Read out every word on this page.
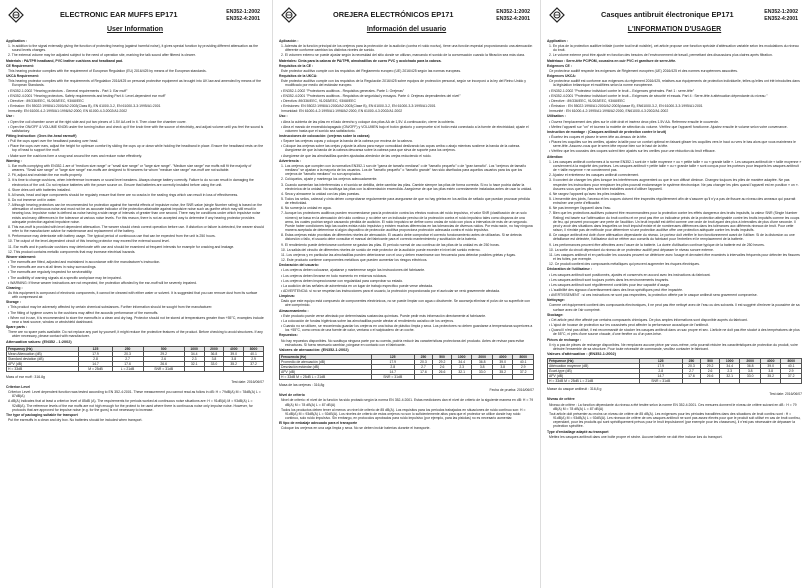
ELECTRONIC EAR MUFFS EP171	EN352-1:2002
EN352-4:2001
User Information

Application :

1. In addition to the signal externally giving the function of protecting hearing (against harmful noise), it gives special function by providing different attenuation as the sound levels changes.

2. The external volume may be adjusted subject to the need of operation site, marking the talk sound after filtered is clearer.

Materials : PA/TPR headband, PVC leather cushions and headband pad.

CE Requirement:

This hearing protector complies with the requirement of European Regulation (EU) 2016/425 by means of the European standards.

UKCA Requirement:

This hearing protector complies with the requirements of Regulation 2016/425 on personal protective equipment as brought into UK law and amended by means of the European Standards.

• EN352-1:2002 "Hearing protectors - General requirements - Part 1: Ear muff"

• EN352-4:2001 "Hearing protectors- Safety requirements and testing Part 4: Level-dependent ear muff"

• Directive : 89/336/EEC, 91/263/EEC, 93/68/EEC

• Emission: EN 55022:1998/A1:2000/A2:2003(Class B), EN 61000-3-2, EN 61000-3-3:1995/A1:2001

Immunity: EN 61000-4-2:1995/A1:1998/A2:2000, EN 61000-4-3:2002/A1:2002

Use :

• Open the coil chamber cover at the right side and put two pieces of 1.5V AA cell in it. Then close the chamber cover.

• Open the ON/OFF & VOLUME KNOB under the turning button and check up if the knob time with the source of electricity, and adjust volume until you feel the sound is satisfactory.

Fitting Instruction: (Over-the-head earmuff)

• Pull the cups apart over the headband passing over head.

• Place the cups over ears, adjust the height for optimum comfort by sliding the cups up or down while holding the headband in place. Ensure the headband rests on the top of head to support the muff.

• Make sure the cushions form a snug seal around the ears and reduce noise effectively.

Warning :

1. Ear muffs complying with EN352-1 are of "medium size range" or "small size range" or "large size range". "Medium size range" ear muffs will fit the majority of wearers. "Small size range" or "large size range" ear-muffs are designed to fit wearers for whom "medium size range" ear-muff are not suitable.

2. Fit, adjust and maintain the ear muffs properly.

3. It is time to change cushions, when interference increases or sound level weakens. Always change battery correctly. Failure to do so can result in damaging the electronics of the unit. Do not replace batteries with the power source on. Ensure that batteries are correctly installed before using the unit.

4. Store dries unit with batteries installed.

5. All seals, head and tape components should be regularly ensure that there are no cracks in the sealing rings which can result in loss of effectiveness.

6. Do not immerse unit in water.

7. Although hearing protectors can be recommended for protection against the harmful effects of impulsive noise, the SNR-value (single Number rating) is based on the attenuation of continuous noise and must not be as accurate indicator of the protection attainable against impulsive noise such as gunfire which may still result in hearing loss. Impulsive noise is defined as noise having a wide range of intervals of greater than one second. There may be conditions under which impulsive noise exists and many differences in the tolerance at various noise levels. For this reason, there is not an accepted way to determine if any hearing protector provides adequate protection against impulsive noise.

8. This ear-muff is provided with level dependent attenuation. The wearer should check correct operation before use. If distortion or failure is detected, the wearer should refer to the manufacturer advice for maintenance and replacement of the battery.

9. Performance may deteriorate with battery usage. The typical period of continuous use that can be expected from the unit is 250 hours.

10. The output of the level-dependent circuit of this hearing protector may exceed the external sound level.

11. Ear muffs and in particular cushions may deteriorate with use and should be examined at frequent intervals for example for cracking and leakage.

12. This product contains metallic components that may increase electrical hazards.

Wearer statement:

• The earmuffs are fitted, adjusted and maintained in accordance with the manufacturer's instruction.

• The earmuffs are worn at all times in noisy surroundings.

• The earmuffs are regularly inspected for serviceability.

• The audibility of warning signals at a specific workplace may be impaired.

• WARNING: If these wearer instructions are not respected, the protection afforded by the ear-muff will be severely impaired.

Cleaning :

As this equipment is composed of electronic components, it cannot be cleaned with either water or solvent. It is suggested that you can remove dust from its surface with compressed air.

Storage :

• This product may be adversely affected by certain chemical substances. Further information should be sought from the manufacturer.

• The fitting of hygiene covers to the cushions may affect the acoustic performance of the earmuffs.

• When not in use, it is recommended to store the earmuffs in a clean and dry bag. Protector should not be stored at temperatures greater than +55°C, examples include near a heat source, window or windshield dashboard.

Spare parts :

There are no spare parts available. Do not replace any part by yourself, it might reduce the protective features of the product. Before checking to avoid structures. If any wider necessary, please contact with manufacturer.

Attenuation values: (EN352 - 1:2002)

Frequency (Hz)	125	250	500	1000	2000	4000	8000
Mean Attenuation (dB)	17.9	20.3	29.2	34.4	36.8	39.0	40.1
Standard deviation (dB)	2.8	2.7	2.6	2.3	3.8	3.8	2.9
APV (dB)	14.7	17.6	26.6	32.1	33.0	35.2	37.2
H = 33dB	M = 25dB	L = 21dB	SNR = 31dB				

Mass of ear muff : 316.8g

Test date: 2016/06/07

Criterion Level

Criterion Level: Level dependent function was tested according to EN 352-4:2001. These measurement you cannot read as follow in dB: H = 79dB(A) M = 78dB(A) L = 87dB(A)

A dB(A) indicates that at least a criterion level of 85dB (A). The requirements for periods worked at continuous noise situations are: H = 91dB(A) M = 93dB(A) L = 92dB(A). The reference levels of the ear muffs are not high enough for the protect to be used where there is continuous noise only impulse noise. However, for protocols that are approved for impulse noise (e.g. for the guns) is not necessary to increase.

The type of packaging suitable for transport

Put the earmuffs in a clean and dry box. No batteries should be included when transport.

OREJERA ELECTRÓNICOS EP171	EN352-1:2002
EN352-4:2001
Información del usuario

Aplicación :

1. Además de la función principal de los orejeros para la protección de la audición (contra el ruido nocivo), tiene una función especial proporcionando una atenuación diferente conforme cambian los distintos niveles de sonido.

2. El volumen externo se puede ajustar según la necesidad del sitio donde se utilizan, marcando el sonido de la conversación cuando la filtración sea más clara.

Materiales: Cinta para la cabeza de PA/TPR, almohadillas de cuero PVC y acolchado para la cabeza.

Requisitos de la CE :

Este protector auditivo cumple con los requisitos del Reglamento europeo (UE) 2016/425 según las normas europeas.

Requisitos de la UKCA:

Este protector auditivo cumple con los requisitos de la Regulación 2016/425 sobre equipos de protección personal, según se incorporó a la ley del Reino Unido y modificado por medio del estándar europeo.

• EN352-1:2002 "Protectores auditivos - Requisitos generales. Parte 1: Orejeras"

• EN352-4:2001 "Protectores auditivos - Requisitos de seguridad y ensayos. Parte 4: Orejeras dependientes del nivel"

• Directiva: 89/336/EEC, 91/263/EEC, 93/68/EEC

• Emisiones: EN 55022:1998/A1:2000/A2:2003(Clase B), EN 61000-3-2, EN 61000-3-3:1995/A1:2001

Inmunidad: EN 61000-4-2:1995/A1:1998/A2:2000, EN 61000-4-3:2002/A1:2002

Uso :

• Abra la cubierta de las pilas en el lado derecho y coloque dos pilas AA de 1,5V. A continuación, cierre la cubierta.

• Abra el mando de encendido/apagado (ON/OFF) y VOLUMEN bajo el botón giratorio y compruebe si el botón está conectado a la fuente de electricidad; ajuste el volumen hasta que el sonido sea satisfactorio.

Instrucciones de colocación: (orejeras sobre la cabeza)

• Separe las orejeras copas y coloque la banda de la cabeza por encima de la cabeza.

• Coloque las orejeras sobre las orejas y ajuste la altura para mayor comodidad deslizando las copas arriba o abajo mientras sostiene la banda de la cabeza. Asegúrese de que la banda de la cabeza descansa sobre la cabeza para que sirva de soporte para los orejeros.

• Asegúrese de que las almohadillas queden ajustadas alrededor de las orejas reduciendo el ruido.

Advertencia :

1. Los orejeros que cumplen con la normativa EN352-1 son de "gama de tamaño mediana" o de "tamaño pequeño" o de "gran tamaño". Los "orejeros de tamaño mediano" se ajustan a la mayoría de los usuarios. Los de "tamaño pequeño" o "tamaño grande" han sido diseñados para aquellos usuarios para los que los orejeros de "tamaño mediano" no son apropiados.

2. Colóquelos, ajuste y mantenga los orejeros adecuadamente.

3. Cuando aumentan las interferencias o el sonido se debilita, debe cambiar las pilas. Cambie siempre las pilas de forma correcta. Si no lo hace podría dañar la electrónica de la unidad. No sustituya las pilas con la alimentación encendida. Asegúrese de que las pilas estén correctamente instaladas antes de usar la unidad.

4. Seca y almacene la unidad con las pilas puestas.

5. Todos los sellos, cabezal y cinta deben comprobarse regularmente para asegurarse de que no hay grietas en los anillos de sellado que puedan provocar pérdida de efectividad.

6. No sumerja la unidad en agua.

7. Aunque los protectores auditivos pueden recomendarse para la protección contra los efectos nocivos del ruido impulsivo, el valor SNR (clasificación de un solo número) se basa en la atenuación del ruido continuo y no debe ser un indicador preciso de la protección contra el ruido impulsivo tales como disparos de una arma, los cuales podrían seguir causando pérdida de audición. El ruido impulsivo se define como ondas de ruido con picos a intervalos de más de un segundo. Puede haber condiciones bajo las cuales exista ruido impulsivo y existen muchas diferencias en las tolerancias de diversos ruidos. Por esta razón, no hay ninguna manera aceptada de determinar si algún dispositivo de protección auditiva proporciona protección adecuada contra el ruido impulsivo.

8. Estas orejeras están provistas de diferentes niveles de atenuación. El usuario debe comprobar el correcto funcionamiento antes de utilizarlas. Si se detecta distorsión o fallo, el usuario debe consultar el manual del fabricante para el correcto mantenimiento y sustitución de la batería.

9. El rendimiento puede deteriorarse conforme se gastan las pilas. El período normal de uso continuo de las pilas de la unidad es de 250 horas.

10. La salida del circuito de diferentes niveles de sonido de este protector de la audición puede exceder el nivel del sonido externo.

11. Los orejeros y en particular las almohadillas pueden deteriorarse con el uso y deben examinarse con frecuencia para detectar posibles grietas y fugas.

12. Este producto contiene componentes metálicos que pueden aumentar los riesgos eléctricos.

Declaración del usuario:

• Los orejeros deben colocarse, ajustarse y mantenerse según las instrucciones del fabricante.

• Los orejeros deben llevarse en todo momento en entornos ruidosos.

• Los orejeros deben inspeccionarse con regularidad para comprobar su estado.

• La audición de las señales de advertencia en un lugar de trabajo específico puede verse afectada.

• ADVERTENCIA: si no se respetan las instrucciones para el usuario, la protección proporcionada por el auricular se verá gravemente afectada.

Limpieza:

Dado que este equipo está compuesto de componentes electrónicos, no se puede limpiar con agua o disolvente. Se aconseja eliminar el polvo de su superficie con aire comprimido.

Almacenamiento :

• Este producto puede verse afectado por determinadas sustancias químicas. Puede pedir más información directamente al fabricante.

• La colocación de fundas higiénicas sobre las almohadillas puede afectar al rendimiento acústico de los orejeros.

• Cuando no se utilicen, se recomienda guardar los orejeros en una bolsa de plástico limpia y seca. Los protectores no deben guardarse a temperaturas superiores a los +55°C, como cerca de una fuente de calor, ventana o el salpicadero de un coche.

Repuestos:

No hay repuestos disponibles. No sustituya ninguna parte por su cuenta, podría reducir las características protectoras del producto. Antes de revisar para evitar estructuras. Si fuera necesario cambiar, póngase en contacto con el fabricante.

Valores de atenuación: (EN352-1:2002)

Frecuencia (Hz)	125	250	500	1000	2000	4000	8000
Promedio de atenuación (dB)	17.9	20.3	29.2	34.4	36.8	39.0	40.1
Desviación estándar (dB)	2.8	2.7	2.6	2.3	3.8	3.8	2.9
APV (dB)	14.7	17.6	26.6	32.1	33.0	35.2	37.2
H = 33dB M = 25dB L = 21dB	SNR = 31dB						

Masa de las orejeras : 316,8g

Fecha de prueba: 2016/06/07

Nivel de criterio

Nivel de criterio: el nivel de la función ha sido probado según la norma EN 352-4:2001. Estas mediciones dan el nivel de criterio de la siguiente manera en dB: H = 79 dB(A) M = 78 dB(A) L = 87 dB(A)

Todos los productos deben tener al menos un nivel de criterio de 85 dB(A). Los requisitos para los periodos trabajados en situaciones de ruido continuo son: H = 91dB(A) M = 93dB(A) L = 92dB(A). Los niveles de criterio de estos orejeros no son lo suficientemente altos para que el protector se utilice donde hay ruido continuo, solo ruido impulsivo. Sin embargo, en protocolos aprobados para ruido impulsivo (por ejemplo, para las pistolas) no es necesario aumentar.

El tipo de embalaje adecuado para el transporte

Coloque los orejeros en una caja limpia y seca. No se deben incluir baterías durante el transporte.

Casques antibruit électronique EP171	EN352-1:2002
EN352-4:2001
L'INFORMATION D'USAGER

Application :

1. En plus de la protection auditive initiale (contre tout bruit nuisible), cet article propose une fonction spéciale d'atténuation variable selon les modulations du niveau du bruit.

2. Le volume externe peut être ajusté en fonction des besoins de l'environnement de travail, permettant des discussions plus claires après filtration.

Matériaux : Serre-tête PC/POM, coussins en cuir PVC et garniture de serre-tête.

Exigences CE :

Ce protecteur auditif respecte les exigences de Règlement européen (UE) 2016/425 et des normes européennes associées.

Exigences UKCA:

Ce protecteur auditif est conforme aux exigences du règlement 2016/425, relatives aux équipements de protection individuelle, telles qu'elles ont été introduites dans la législation britannique et modifiées selon la norme européenne.

• EN352-1:2002 "Protecteur individuel contre le bruit – Exigences générales. Part 1 : serre-tête"

• EN352-4:2001 "Protecteur individuel contre le bruit – Exigences de sécurité et essais. Part 4 : Serre-tête à atténuation dépendante du niveau "

• Directive : 89/336/EEC, 91/263/EEC, 93/68/EEC

• Émission : EN 55022:1998/A1:2000/A2:2003(classe B), EN61000-3-2, EN 61000-3-3:1995/A1:2001

Immunité : EN 61000-4-2:1995/A1:1998/A2:2000, EN61000-4-3:2002/A1:2002

Utilisation :

• Ouvrez l'emplacement des piles sur le côté droit et insérez deux piles 1.5V AA. Refermez ensuite le couvercle.

• Mettez l'appareil sur "on" et tournez la molette de sélection du volume. Vérifiez que l'appareil fonctionne. Ajustez ensuite le volume selon votre convenance.

Instruction de montage : (Casques antibruit de protection contre le bruit)

• Écartez les coques et placez le serre-tête au-dessus de la tête.

• Placez les coquilles sur les oreilles, ajustez la taille pour un confort optimal en faisant glisser les coquilles vers le haut ou vers le bas alors que vous maintenez le serre-tête. Assurez-vous que le serre-tête repose bien sur le haut de la tête.

• Vérifiez que les coussins des coques soient bien ajustés sur les oreilles pour une réduction du bruit efficace.

Attention:

1. Les casques antibruit conformes à la norme EN352-1 sont de « taille moyenne » ou « petite taille » ou « grande taille ». Les casques antibruit de « taille moyenne » conviennent à la majorité des porteurs. Les casques antibruit « petite taille » ou « grande taille » sont conçus pour les porteurs pour lesquels les casques antibruit de « taille moyenne » ne conviennent pas.

2. Ajustez et entretenez les casques antibruit correctement.

3. Il convient de changer les piles lorsque les interférences augmentent ou que le son diffusé diminue. Changez toujours les piles de manière adaptée. Ne pas respecter les instructions pour remplacer les piles pourrait endommager le système électronique. Ne pas changer les piles quand l'appareil est en position « on ». Assurez-vous que les piles sont bien installées avant d'utiliser l'appareil.

4. Ne rangez l'appareil qu'avec les piles installées.

5. L'ensemble des joints, l'arceau et les coques doivent être inspectés régulièrement afin de s'assurer qu'il n'y a pas de fissure au niveau des anneaux qui pourrait entraîner une perte d'efficacité.

6. Ne pas immerger l'appareil dans l'eau.

7. Bien que les protections auditives puissent être recommandées pour la protection contre les effets dangereux des bruits impulsifs, la valeur SNR (Single Number Rating) est basée sur l'atténuation du bruit continu et ne peut pas être un indicateur précis de la protection atteignable contre les bruits impulsifs comme les coups de feu, qui peuvent provoquer une perte de l'audition. Un bruit impulsif est défini comme une onde de bruit ayant des pics à intervalles de plus d'une seconde. Il peut y avoir des situations dans lesquelles un bruit impulsif existe et de nombreuses différences dans les tolérances aux différents niveaux de bruit. Pour cette raison, il n'existe pas de méthode pour déterminer si une protection auditive offre une protection adéquate contre les bruits impulsifs.

8. Ce casque antibruit est doté d'une atténuation dépendante du niveau. Le porteur doit vérifier le bon fonctionnement avant de l'utiliser. Si de la distorsion ou une défaillance est détectée, l'utilisateur doit se référer aux conseils du fabricant pour l'entretien et le remplacement de la batterie.

9. Les performances peuvent être affectées avec l'usure de la batterie. La durée d'utilisation continue typique de la batterie est de 250 heures.

10. La sortie du circuit dépendant du niveau de ce protecteur auditif peut dépasser le niveau sonore externe.

11. Les casques antibruit et en particulier les coussins peuvent se détériorer avec l'usage et devraient être examinés à intervalles fréquents pour détecter les fissures et les fuites, par exemple.

12. Ce produit contient des composants métalliques qui peuvent augmenter les risques électriques.

Déclaration de l'utilisateur :

• Les casques antibruit sont positionnés, ajustés et conservés en accord avec les instructions du fabricant.

• Les casques antibruit sont toujours portés dans les environnements bruyants.

• Les casques antibruit sont régulièrement contrôlés pour leur capacité d'usage.

• L'audibilité des signaux d'avertissement dans des lieux spécifiques peut être impactée.

• AVERTISSEMENT : si ces instructions ne sont pas respectées, la protection offerte par le casque antibruit sera gravement compromise.

Nettoyage:

Comme cet équipement contient des composants électroniques, il ne peut pas être nettoyé avec de l'eau ou des solvants. Il est suggéré d'enlever la poussière de sa surface avec de l'air comprimé.

Stockage:

• Cet article peut être affecté par certains composants chimiques. De plus amples informations sont disponible auprès du fabricant.

• L'ajout de housse de protection sur les coussinets peut affecter la performance acoustique de l'antibruit.

• Quand il n'est pas utilisé, il est recommandé de stocker les casques antibruit dans un sac propre et sec. L'article ne doit pas être stocké à des températures de plus de 55°C, ni près d'une source chaude, d'une fenêtre ou d'un pare-brise.

Pièces de rechange :

Il n'y a pas de pièces de rechange disponibles. Ne remplacez aucune pièce par vous-même, cela pourrait réduire les caractéristiques de protection du produit, voire détruire l'ensemble de sa structure. Pour toute nécessité de commande, veuillez contacter le fabricant.

Valeurs d'atténuation : (EN352-1:2002)

Fréquence (Hz)	125	250	500	1000	2000	4000	8000
Atténuation moyenne (dB)	17.9	20.3	29.2	34.4	36.8	39.0	40.1
Écart-type (dB)	2.8	2.7	2.6	2.3	3.8	3.8	2.9
APV (dB)	14.7	17.6	26.6	32.1	33.0	35.2	37.2
H = 33dB M = 25dB L = 21dB	SNR = 31dB						

Masse du casque antibruit : 316,8 g

Test date: 2016/06/07

Niveau de critère

Niveau de critère : La fonction dépendante du niveau a été testée selon la norme EN 352-4:2001. Ces mesures donnent le niveau de critère suivant en dB : H = 79 dB(A) M = 78 dB(A) L = 87 dB(A)

Tout article doit présenter au moins un niveau de critère de 85 dB(A). Les exigences pour les périodes travaillées dans des situations de bruit continu sont : H = 91dB(A) M = 93dB(A) L = 92dB(A). Les niveaux de critère de ces casques antibruit ne sont pas assez élevés pour que le produit soit utilisé en cas de bruit continu, cependant, pour les produits qui sont spécifiquement prévus pour le bruit impulsionnel (par exemple pour les chasseurs), il n'est pas nécessaire de dépasser la protection spécifiée.

Type d'emballage adapté au transport

Mettez les casques antibruit dans une boîte propre et sèche. Aucune batterie ne doit être incluse lors du transport.
